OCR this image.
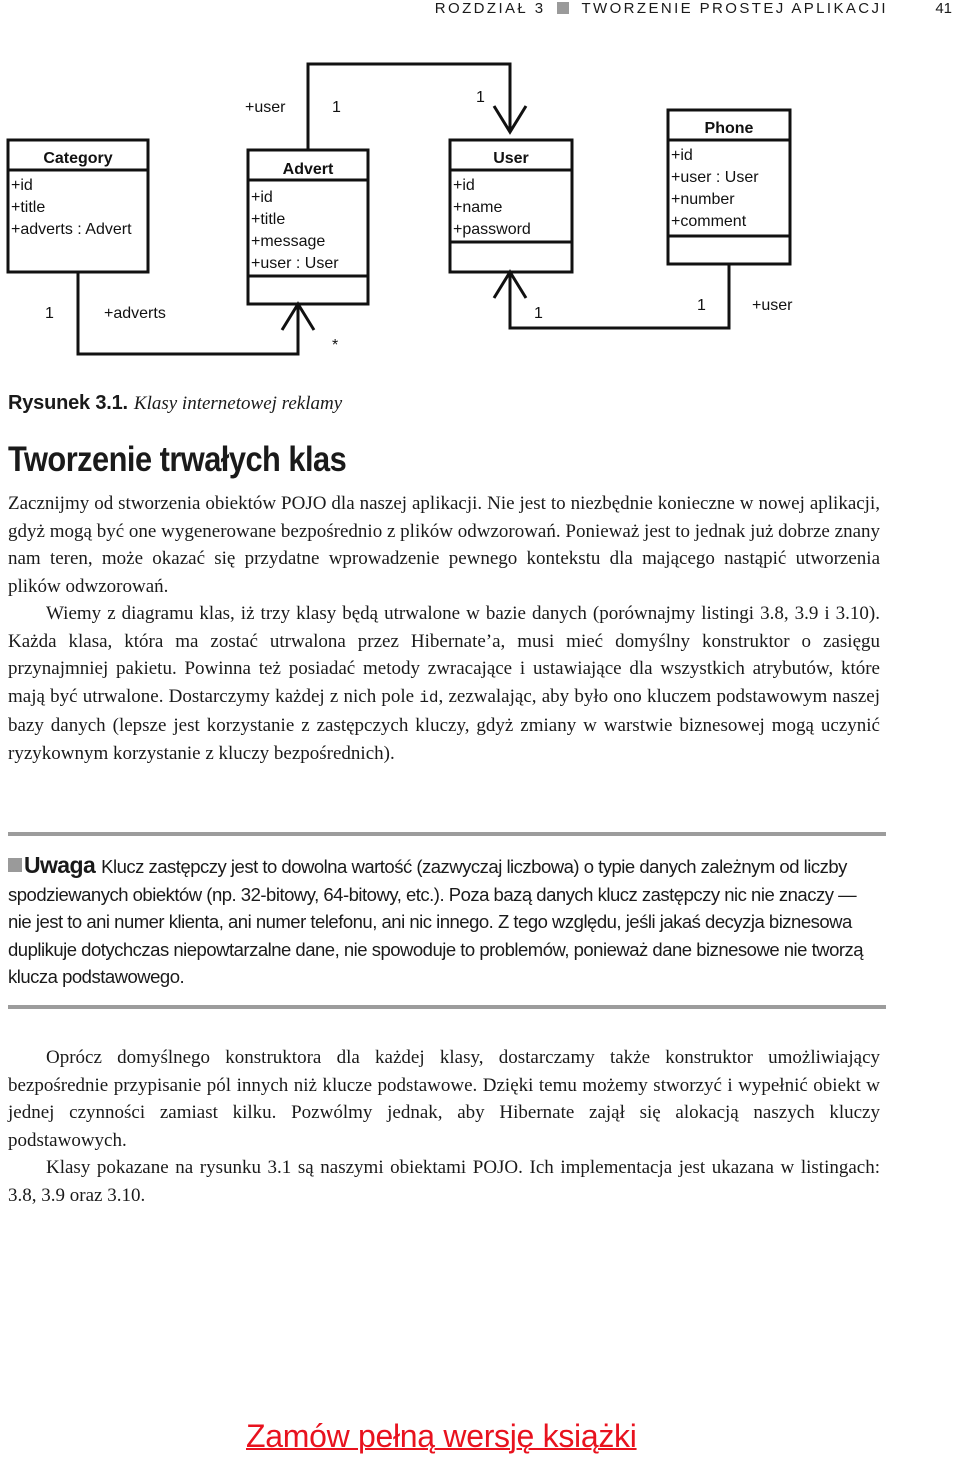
ROZDZIAŁ 3 TWORZENIE PROSTEJ APLIKACJI	41
Category
+id
+title
+adverts : Advert
Advert
+id
+title
+message
+user : User
User
+id
+name
+password
Phone
+id
+user : User
+number
+comment
+user	1
1
1	+adverts
*
1	1	+user
Rysunek 3.1. Klasy internetowej reklamy
Tworzenie trwałych klas

Zacznijmy od stworzenia obiektów POJO dla naszej aplikacji. Nie jest to niezbędnie konieczne w nowej aplikacji, gdyż mogą być one wygenerowane bezpośrednio z plików odwzorowań. Ponieważ jest to jednak już dobrze znany nam teren, może okazać się przydatne wprowadzenie pewnego kontekstu dla mającego nastąpić utworzenia plików odwzorowań.

Wiemy z diagramu klas, iż trzy klasy będą utrwalone w bazie danych (porównajmy listingi 3.8, 3.9 i 3.10). Każda klasa, która ma zostać utrwalona przez Hibernate’a, musi mieć domyślny konstruktor o zasięgu przynajmniej pakietu. Powinna też posiadać metody zwracające i ustawiające dla wszystkich atrybutów, które mają być utrwalone. Dostarczymy każdej z nich pole id, zezwalając, aby było ono kluczem podstawowym naszej bazy danych (lepsze jest korzystanie z zastępczych kluczy, gdyż zmiany w warstwie biznesowej mogą uczynić ryzykownym korzystanie z kluczy bezpośrednich).

Uwaga Klucz zastępczy jest to dowolna wartość (zazwyczaj liczbowa) o typie danych zależnym od liczby spodziewanych obiektów (np. 32-bitowy, 64-bitowy, etc.). Poza bazą danych klucz zastępczy nic nie znaczy — nie jest to ani numer klienta, ani numer telefonu, ani nic innego. Z tego względu, jeśli jakaś decyzja biznesowa duplikuje dotychczas niepowtarzalne dane, nie spowoduje to problemów, ponieważ dane biznesowe nie tworzą klucza podstawowego.

Oprócz domyślnego konstruktora dla każdej klasy, dostarczamy także konstruktor umożliwiający bezpośrednie przypisanie pól innych niż klucze podstawowe. Dzięki temu możemy stworzyć i wypełnić obiekt w jednej czynności zamiast kilku. Pozwólmy jednak, aby Hibernate zajął się alokacją naszych kluczy podstawowych.

Klasy pokazane na rysunku 3.1 są naszymi obiektami POJO. Ich implementacja jest ukazana w listingach: 3.8, 3.9 oraz 3.10.

Zamów pełną wersję książki
